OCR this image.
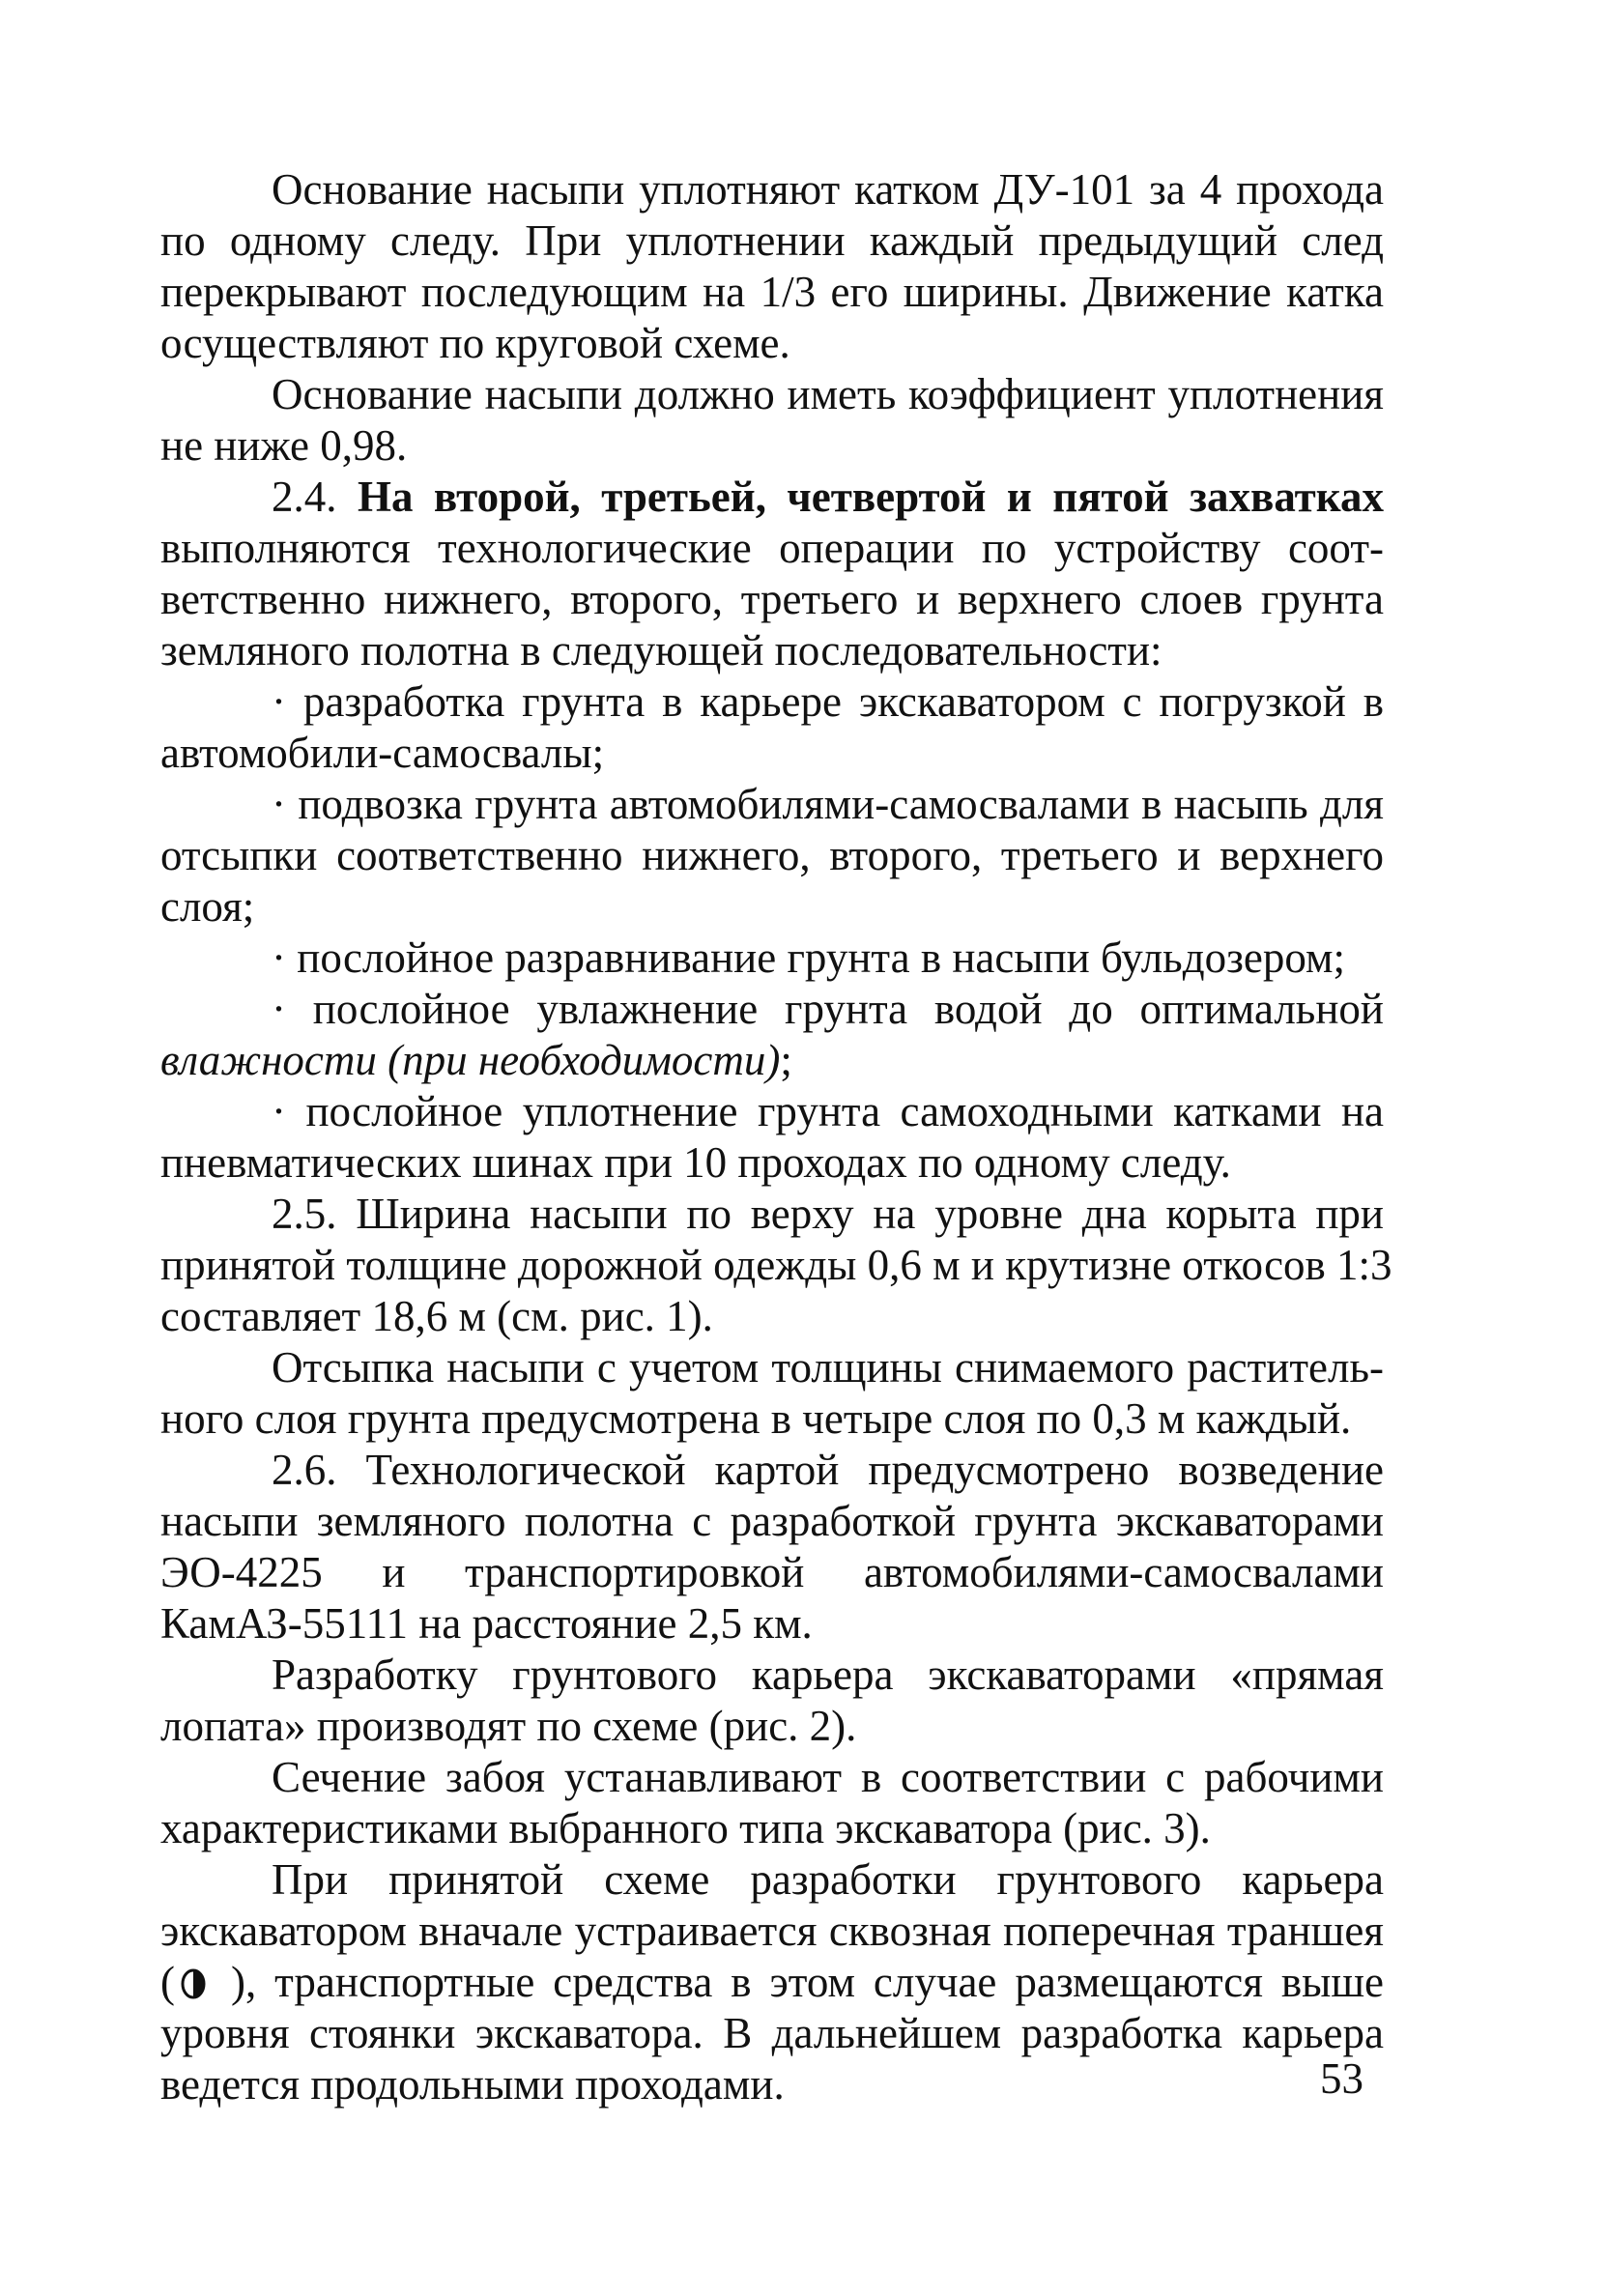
Основание насыпи уплотняют катком ДУ-101 за 4 прохода
по одному следу. При уплотнении каждый предыдущий след
перекрывают последующим на 1/3 его ширины. Движение катка
осуществляют по круговой схеме.
Основание насыпи должно иметь коэффициент уплотнения
не ниже 0,98.
2.4. На второй, третьей, четвертой и пятой захватках
выполняются технологические операции по устройству соот-
ветственно нижнего, второго, третьего и верхнего слоев грунта
земляного полотна в следующей последовательности:
· разработка грунта в карьере экскаватором с погрузкой в
автомобили-самосвалы;
· подвозка грунта автомобилями-самосвалами в насыпь для
отсыпки соответственно нижнего, второго, третьего и верхнего
слоя;
· послойное разравнивание грунта в насыпи бульдозером;
· послойное увлажнение грунта водой до оптимальной
влажности (при необходимости);
· послойное уплотнение грунта самоходными катками на
пневматических шинах при 10 проходах по одному следу.
2.5. Ширина насыпи по верху на уровне дна корыта при
принятой толщине дорожной одежды 0,6 м и крутизне откосов 1:3
составляет 18,6 м (см. рис. 1).
Отсыпка насыпи с учетом толщины снимаемого раститель-
ного слоя грунта предусмотрена в четыре слоя по 0,3 м каждый.
2.6. Технологической картой предусмотрено возведение
насыпи земляного полотна с разработкой грунта экскаваторами
ЭО-4225 и транспортировкой автомобилями-самосвалами
КамАЗ-55111 на расстояние 2,5 км.
Разработку грунтового карьера экскаваторами «прямая
лопата» производят по схеме (рис. 2).
Сечение забоя устанавливают в соответствии с рабочими
характеристиками выбранного типа экскаватора (рис. 3).
При принятой схеме разработки грунтового карьера
экскаватором вначале устраивается сквозная поперечная траншея
( ), транспортные средства в этом случае размещаются выше
уровня стоянки экскаватора. В дальнейшем разработка карьера
ведется продольными проходами.	53
